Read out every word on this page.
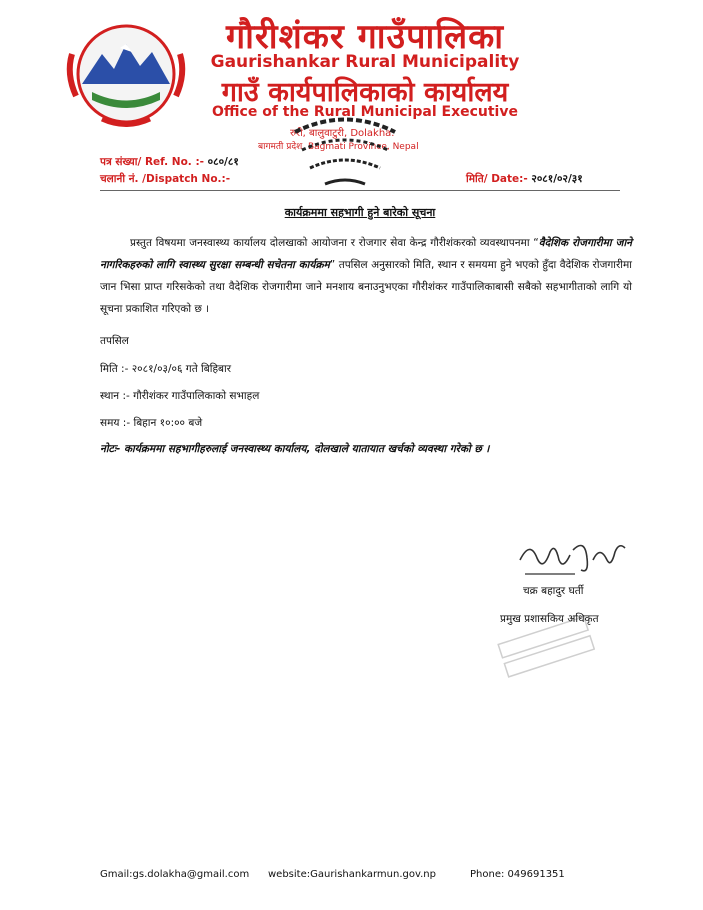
गौरीशंकर गाउँपालिका
Gaurishankar Rural Municipality
गाउँ कार्यपालिकाको कार्यालय
Office of the Rural Municipal Executive
रुरी, बालुवाटुरी, Dolakha.
बागमती प्रदेश, Bagmati Province, Nepal
पत्र संख्या/ Ref. No. :- ०८०/८१
चलानी नं. /Dispatch No.:-	मिति/ Date:- २०८१/०२/३१
कार्यक्रममा सहभागी हुने बारेको सूचना
प्रस्तुत विषयमा जनस्वास्थ्य कार्यालय दोलखाको आयोजना र रोजगार सेवा केन्द्र गौरीशंकरको व्यवस्थापनमा “वैदेशिक रोजगारीमा जाने नागरिकहरुको लागि स्वास्थ्य सुरक्षा सम्बन्धी सचेतना कार्यक्रम” तपसिल अनुसारको मिति, स्थान र समयमा हुने भएको हुँदा वैदेशिक रोजगारीमा जान भिसा प्राप्त गरिसकेको तथा वैदेशिक रोजगारीमा जाने मनशाय बनाउनुभएका गौरीशंकर गाउँपालिकाबासी सबैको सहभागीताको लागि यो सूचना प्रकाशित गरिएको छ ।
तपसिल
मिति :- २०८१/०३/०६ गते बिहिबार
स्थान :- गौरीशंकर गाउँपालिकाको सभाहल
समय :- बिहान १०:०० बजे
नोटः- कार्यक्रममा सहभागीहरुलाई जनस्वास्थ्य कार्यालय, दोलखाले यातायात खर्चको व्यवस्था गरेको छ ।
चक्र बहादुर घर्ती
प्रमुख प्रशासकिय अधिकृत
Gmail:gs.dolakha@gmail.com website:Gaurishankarmun.gov.np	Phone: 049691351
